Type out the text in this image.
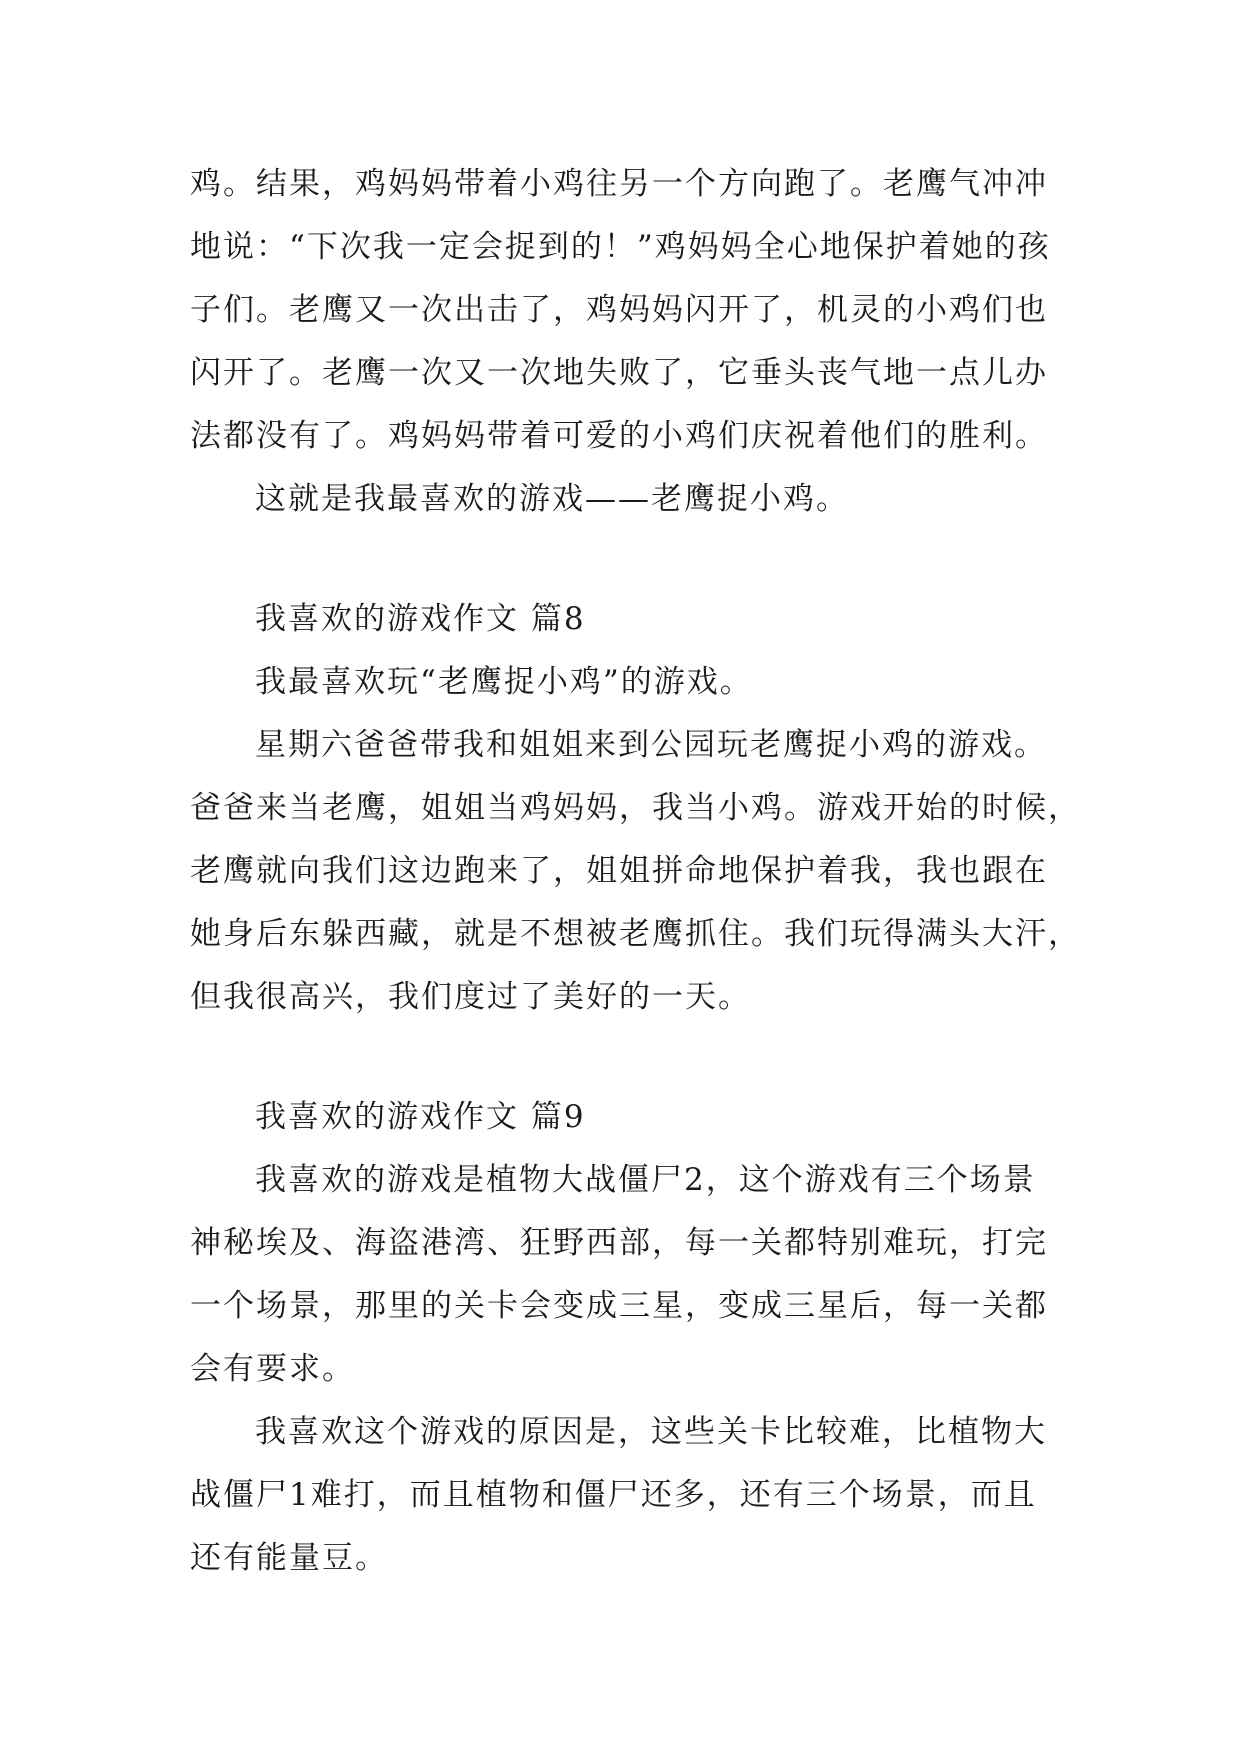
鸡。结果，鸡妈妈带着小鸡往另一个方向跑了。老鹰气冲冲
地说：“下次我一定会捉到的！”鸡妈妈全心地保护着她的孩
子们。老鹰又一次出击了，鸡妈妈闪开了，机灵的小鸡们也
闪开了。老鹰一次又一次地失败了，它垂头丧气地一点儿办
法都没有了。鸡妈妈带着可爱的小鸡们庆祝着他们的胜利。
这就是我最喜欢的游戏——老鹰捉小鸡。
我喜欢的游戏作文 篇8
我最喜欢玩“老鹰捉小鸡”的游戏。
星期六爸爸带我和姐姐来到公园玩老鹰捉小鸡的游戏。
爸爸来当老鹰，姐姐当鸡妈妈，我当小鸡。游戏开始的时候，
老鹰就向我们这边跑来了，姐姐拼命地保护着我，我也跟在
她身后东躲西藏，就是不想被老鹰抓住。我们玩得满头大汗，
但我很高兴，我们度过了美好的一天。
我喜欢的游戏作文 篇9
我喜欢的游戏是植物大战僵尸2，这个游戏有三个场景
神秘埃及、海盗港湾、狂野西部，每一关都特别难玩，打完
一个场景，那里的关卡会变成三星，变成三星后，每一关都
会有要求。
我喜欢这个游戏的原因是，这些关卡比较难，比植物大
战僵尸1难打，而且植物和僵尸还多，还有三个场景，而且
还有能量豆。
